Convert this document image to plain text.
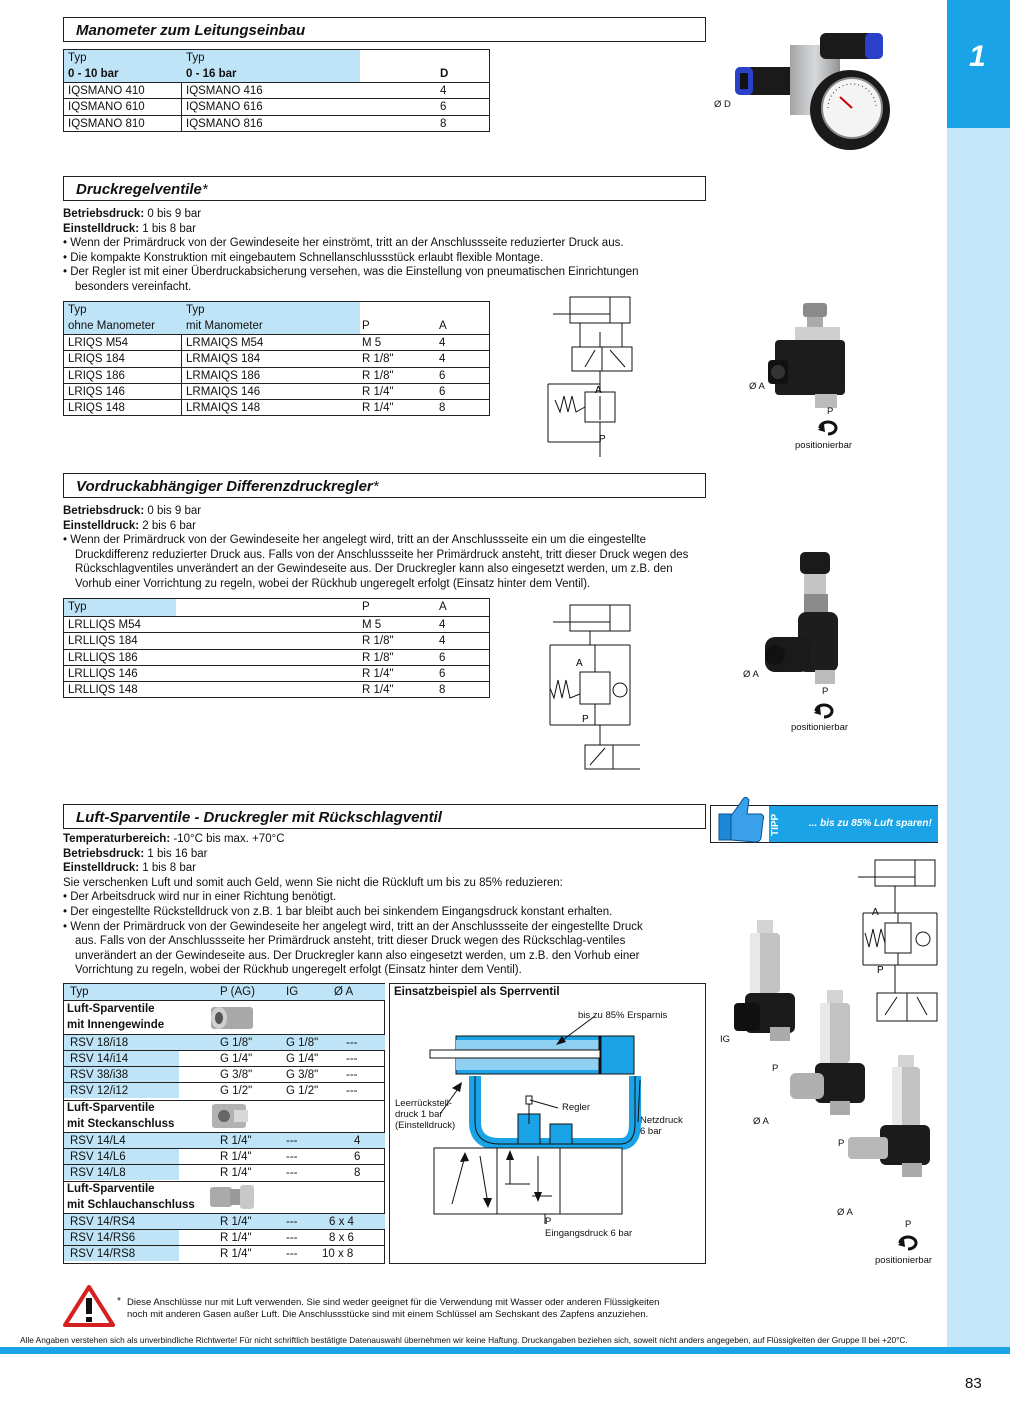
1
Manometer zum Leitungseinbau
Typ	Typ
0 - 10 bar	0 - 16 bar	D
IQSMANO 410	IQSMANO 416	4
IQSMANO 610	IQSMANO 616	6
IQSMANO 810	IQSMANO 816	8
Ø D
Druckregelventile*
Betriebsdruck: 0 bis 9 bar
Einstelldruck: 1 bis 8 bar
• Wenn der Primärdruck von der Gewindeseite her einströmt, tritt an der Anschlussseite reduzierter Druck aus.
• Die kompakte Konstruktion mit eingebautem Schnellanschlussstück erlaubt flexible Montage.
• Der Regler ist mit einer Überdruckabsicherung versehen, was die Einstellung von pneumatischen Einrichtungen besonders vereinfacht.
Typ	Typ
ohne Manometer	mit Manometer	P	A
LRIQS M54	LRMAIQS M54	M 5	4
LRIQS 184	LRMAIQS 184	R 1/8"	4
LRIQS 186	LRMAIQS 186	R 1/8"	6
LRIQS 146	LRMAIQS 146	R 1/4"	6
LRIQS 148	LRMAIQS 148	R 1/4"	8
A
P
Ø A
P
positionierbar
Vordruckabhängiger Differenzdruckregler*
Betriebsdruck: 0 bis 9 bar
Einstelldruck: 2 bis 6 bar
• Wenn der Primärdruck von der Gewindeseite her angelegt wird, tritt an der Anschlussseite ein um die eingestellte Druckdifferenz reduzierter Druck aus. Falls von der Anschlussseite her Primärdruck ansteht, tritt dieser Druck wegen des Rückschlagventiles unverändert an der Gewindeseite aus. Der Druckregler kann also eingesetzt werden, um z.B. den Vorhub einer Vorrichtung zu regeln, wobei der Rückhub ungeregelt erfolgt (Einsatz hinter dem Ventil).
Typ	P	A
LRLLIQS M54	M 5	4
LRLLIQS 184	R 1/8"	4
LRLLIQS 186	R 1/8"	6
LRLLIQS 146	R 1/4"	6
LRLLIQS 148	R 1/4"	8
A
P
Ø A
P
positionierbar
Luft-Sparventile - Druckregler mit Rückschlagventil	TIPP	... bis zu 85% Luft sparen!
Temperaturbereich: -10°C bis max. +70°C
Betriebsdruck: 1 bis 16 bar
Einstelldruck: 1 bis 8 bar
Sie verschenken Luft und somit auch Geld, wenn Sie nicht die Rückluft um bis zu 85% reduzieren:
• Der Arbeitsdruck wird nur in einer Richtung benötigt.
• Der eingestellte Rückstelldruck von z.B. 1 bar bleibt auch bei sinkendem Eingangsdruck konstant erhalten.
• Wenn der Primärdruck von der Gewindeseite her angelegt wird, tritt an der Anschlussseite der eingestellte Druck aus. Falls von der Anschlussseite her Primärdruck ansteht, tritt dieser Druck wegen des Rückschlag-ventiles unverändert an der Gewindeseite aus. Der Druckregler kann also eingesetzt werden, um z.B. den Vorhub einer Vorrichtung zu regeln, wobei der Rückhub ungeregelt erfolgt (Einsatz hinter dem Ventil).
Typ	P (AG)	IG	Ø A
Luft-Sparventile
mit Innengewinde
RSV 18/i18	G 1/8"	G 1/8" ---
RSV 14/i14	G 1/4"	G 1/4" ---
RSV 38/i38	G 3/8"	G 3/8" ---
RSV 12/i12	G 1/2"	G 1/2" ---
Luft-Sparventile
mit Steckanschluss
RSV 14/L4	R 1/4"	---	4
RSV 14/L6	R 1/4"	---	6
RSV 14/L8	R 1/4"	---	8
Luft-Sparventile
mit Schlauchanschluss
RSV 14/RS4	R 1/4"	---	6 x 4
RSV 14/RS6	R 1/4"	---	8 x 6
RSV 14/RS8	R 1/4"	--- 10 x 8
Einsatzbeispiel als Sperrventil
bis zu 85% Ersparnis
Leerrückstell-
druck 1 bar
(Einstelldruck)
Regler
Netzdruck
6 bar
P
Eingangsdruck 6 bar
A
P
IG
P
Ø A
P
Ø A
P
positionierbar
* Diese Anschlüsse nur mit Luft verwenden. Sie sind weder geeignet für die Verwendung mit Wasser oder anderen Flüssigkeiten
noch mit anderen Gasen außer Luft. Die Anschlussstücke sind mit einem Schlüssel am Sechskant des Zapfens anzuziehen.
Alle Angaben verstehen sich als unverbindliche Richtwerte! Für nicht schriftlich bestätigte Datenauswahl übernehmen wir keine Haftung. Druckangaben beziehen sich, soweit nicht anders angegeben, auf Flüssigkeiten der Gruppe II bei +20°C.
83
